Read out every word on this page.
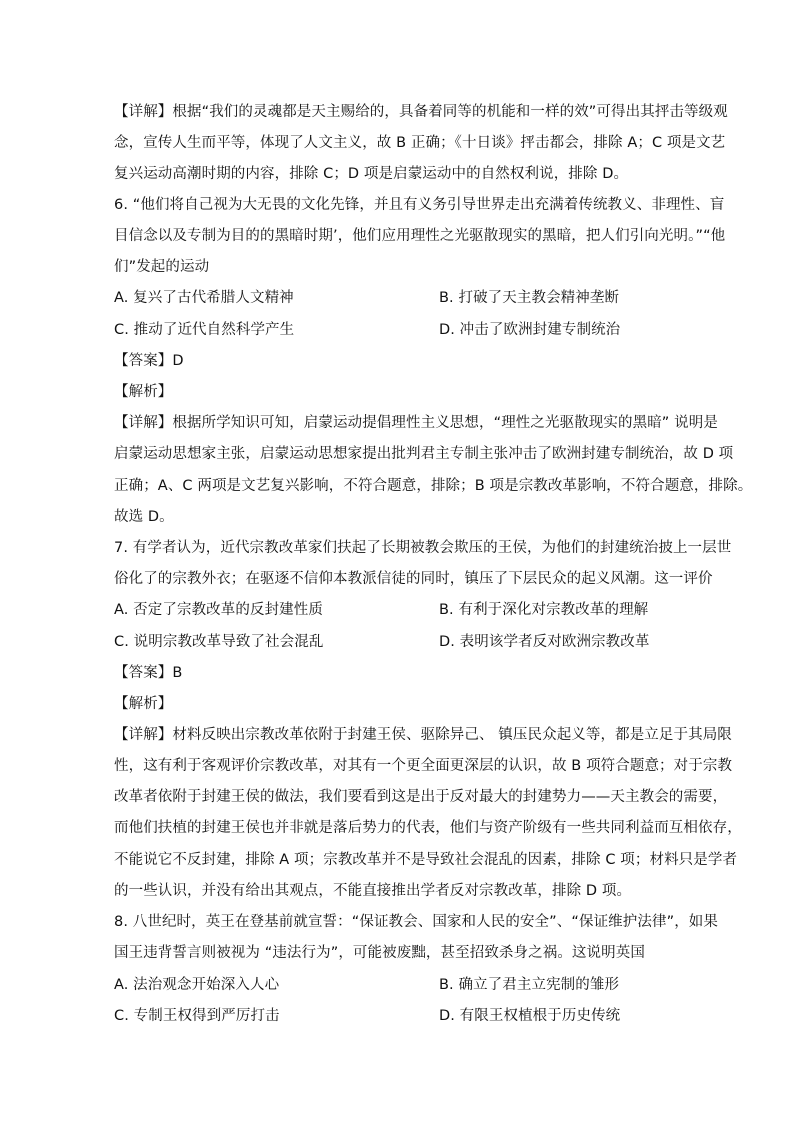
【详解】根据“我们的灵魂都是天主赐给的，具备着同等的机能和一样的效”可得出其抨击等级观
念，宣传人生而平等，体现了人文主义，故 B 正确；《十日谈》抨击都会，排除 A；C 项是文艺
复兴运动高潮时期的内容，排除 C；D 项是启蒙运动中的自然权利说，排除 D。
6. “他们将自己视为大无畏的文化先锋，并且有义务引导世界走出充满着传统教义、非理性、盲
目信念以及专制为目的的黑暗时期’，他们应用理性之光驱散现实的黑暗，把人们引向光明。”“他
们”发起的运动
A. 复兴了古代希腊人文精神	B. 打破了天主教会精神垄断
C. 推动了近代自然科学产生	D. 冲击了欧洲封建专制统治
【答案】D
【解析】
【详解】根据所学知识可知，启蒙运动提倡理性主义思想，“理性之光驱散现实的黑暗” 说明是
启蒙运动思想家主张，启蒙运动思想家提出批判君主专制主张冲击了欧洲封建专制统治，故 D 项
正确；A、C 两项是文艺复兴影响，不符合题意，排除；B 项是宗教改革影响，不符合题意，排除。
故选 D。
7. 有学者认为，近代宗教改革家们扶起了长期被教会欺压的王侯，为他们的封建统治披上一层世
俗化了的宗教外衣；在驱逐不信仰本教派信徒的同时，镇压了下层民众的起义风潮。这一评价
A. 否定了宗教改革的反封建性质	B. 有利于深化对宗教改革的理解
C. 说明宗教改革导致了社会混乱	D. 表明该学者反对欧洲宗教改革
【答案】B
【解析】
【详解】材料反映出宗教改革依附于封建王侯、驱除异己、 镇压民众起义等，都是立足于其局限
性，这有利于客观评价宗教改革，对其有一个更全面更深层的认识，故 B 项符合题意；对于宗教
改革者依附于封建王侯的做法，我们要看到这是出于反对最大的封建势力——天主教会的需要，
而他们扶植的封建王侯也并非就是落后势力的代表，他们与资产阶级有一些共同利益而互相依存，
不能说它不反封建，排除 A 项；宗教改革并不是导致社会混乱的因素，排除 C 项；材料只是学者
的一些认识，并没有给出其观点，不能直接推出学者反对宗教改革，排除 D 项。
8. 八世纪时，英王在登基前就宣誓：“保证教会、国家和人民的安全”、“保证维护法律”，如果
国王违背誓言则被视为 “违法行为”，可能被废黜，甚至招致杀身之祸。这说明英国
A. 法治观念开始深入人心	B. 确立了君主立宪制的雏形
C. 专制王权得到严厉打击	D. 有限王权植根于历史传统
